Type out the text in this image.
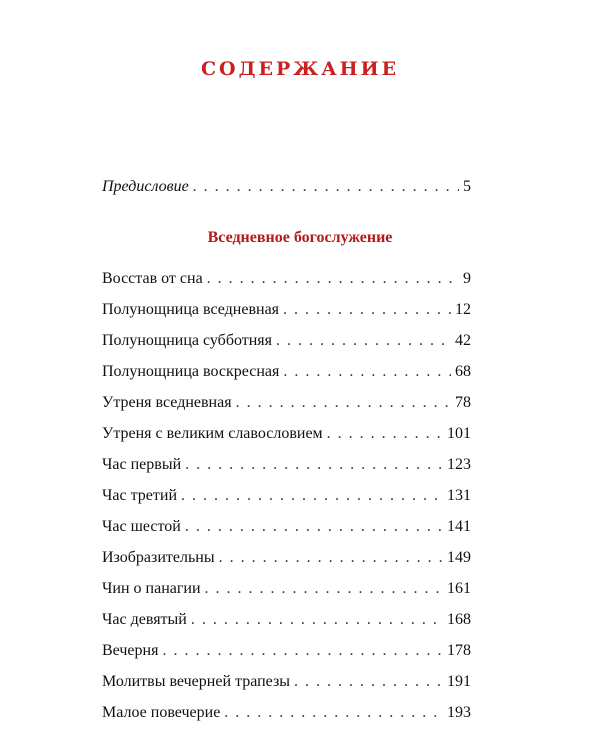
СОДЕРЖАНИЕ
Предисловие . . .	5
Вседневное богослужение
Восстав от сна . . .	9
Полунощница вседневная . . .	12
Полунощница субботняя . . .	42
Полунощница воскресная . . .	68
Утреня вседневная . . .	78
Утреня с великим славословием . . .	101
Час первый . . .	123
Час третий . . .	131
Час шестой . . .	141
Изобразительны . . .	149
Чин о панагии . . .	161
Час девятый . . .	168
Вечерня . . .	178
Молитвы вечерней трапезы . . .	191
Малое повечерие . . .	193
